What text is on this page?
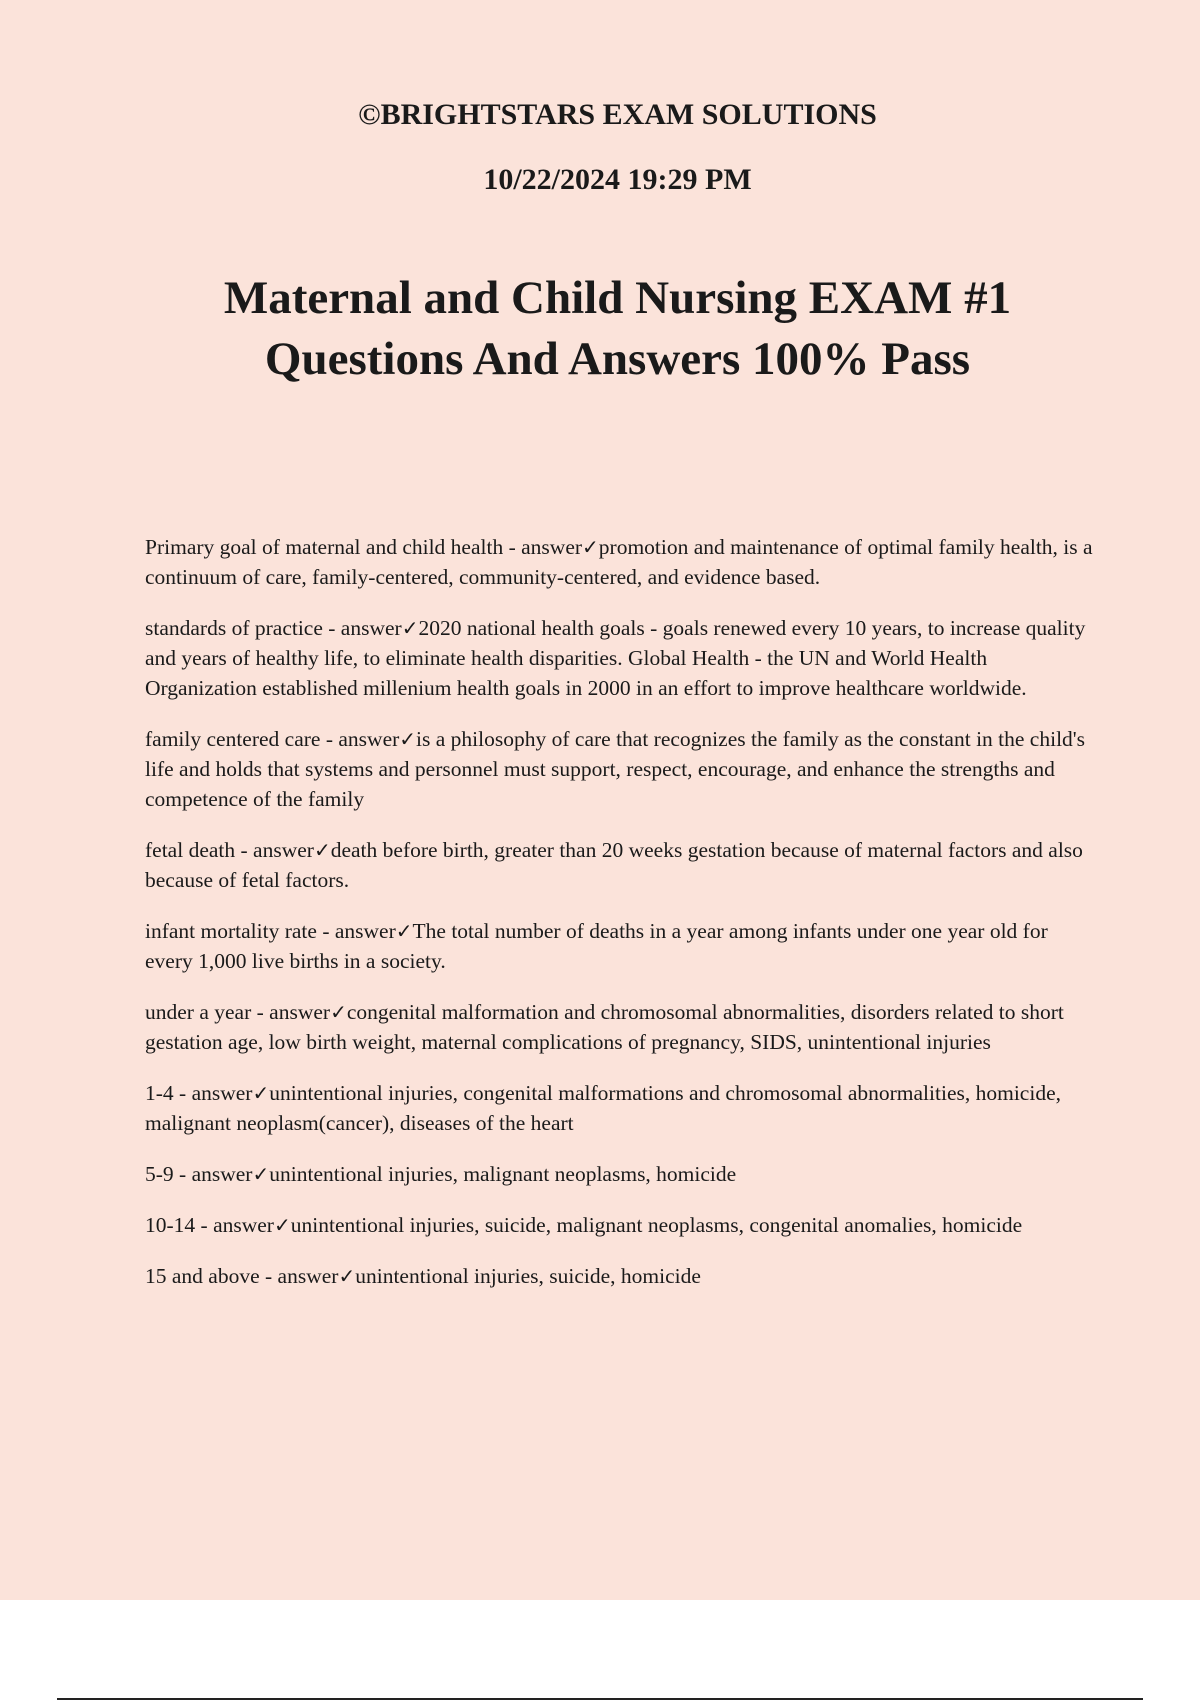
©BRIGHTSTARS EXAM SOLUTIONS
10/22/2024 19:29 PM
Maternal and Child Nursing EXAM #1
Questions And Answers 100% Pass
Primary goal of maternal and child health - answer✓promotion and maintenance of optimal family health, is a continuum of care, family-centered, community-centered, and evidence based.
standards of practice - answer✓2020 national health goals - goals renewed every 10 years, to increase quality and years of healthy life, to eliminate health disparities. Global Health - the UN and World Health Organization established millenium health goals in 2000 in an effort to improve healthcare worldwide.
family centered care - answer✓is a philosophy of care that recognizes the family as the constant in the child's life and holds that systems and personnel must support, respect, encourage, and enhance the strengths and competence of the family
fetal death - answer✓death before birth, greater than 20 weeks gestation because of maternal factors and also because of fetal factors.
infant mortality rate - answer✓The total number of deaths in a year among infants under one year old for every 1,000 live births in a society.
under a year - answer✓congenital malformation and chromosomal abnormalities, disorders related to short gestation age, low birth weight, maternal complications of pregnancy, SIDS, unintentional injuries
1-4 - answer✓unintentional injuries, congenital malformations and chromosomal abnormalities, homicide, malignant neoplasm(cancer), diseases of the heart
5-9 - answer✓unintentional injuries, malignant neoplasms, homicide
10-14 - answer✓unintentional injuries, suicide, malignant neoplasms, congenital anomalies, homicide
15 and above - answer✓unintentional injuries, suicide, homicide
